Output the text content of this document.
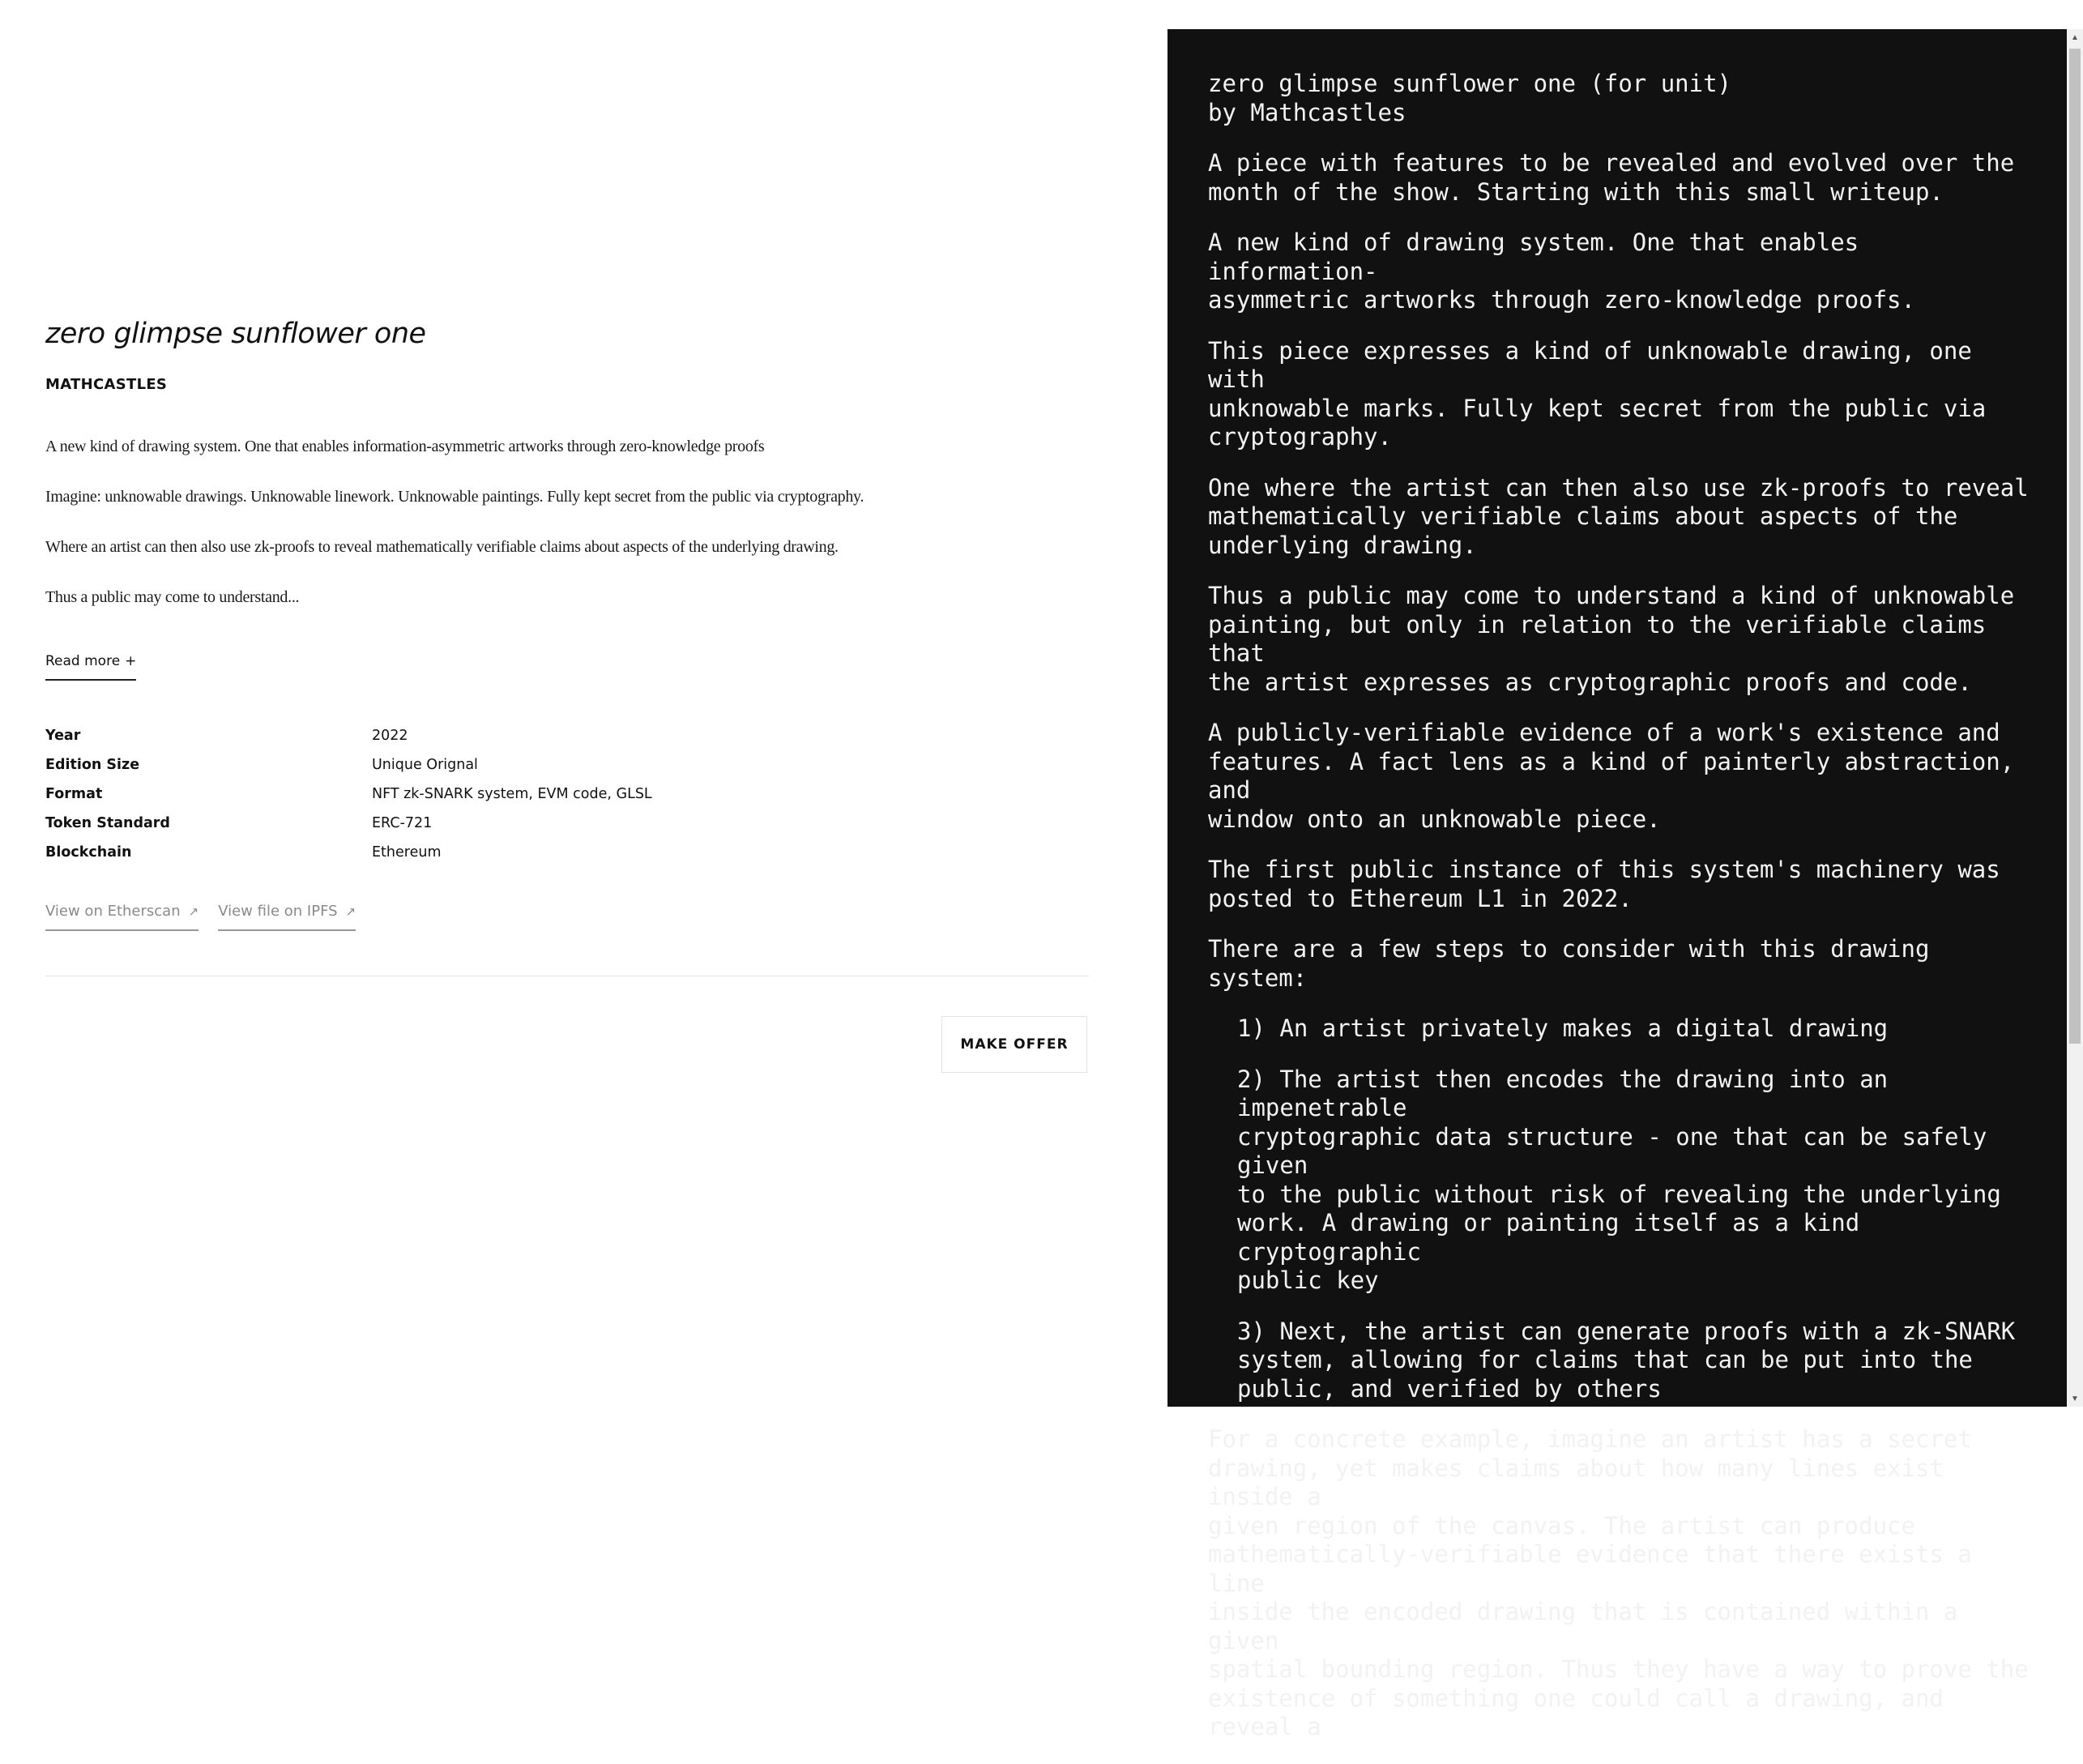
zero glimpse sunflower one
MATHCASTLES

A new kind of drawing system. One that enables information-asymmetric artworks through zero-knowledge proofs

Imagine: unknowable drawings. Unknowable linework. Unknowable paintings. Fully kept secret from the public via cryptography.

Where an artist can then also use zk-proofs to reveal mathematically verifiable claims about aspects of the underlying drawing.

Thus a public may come to understand...

Read more +
Year	2022
Edition Size	Unique Orignal
Format	NFT zk-SNARK system, EVM code, GLSL
Token Standard	ERC-721
Blockchain	Ethereum
View on Etherscan ↗ View file on IPFS ↗
MAKE OFFER

zero glimpse sunflower one (for unit)
by Mathcastles

A piece with features to be revealed and evolved over the
month of the show. Starting with this small writeup.

A new kind of drawing system. One that enables information-
asymmetric artworks through zero-knowledge proofs.

This piece expresses a kind of unknowable drawing, one with
unknowable marks. Fully kept secret from the public via
cryptography.

One where the artist can then also use zk-proofs to reveal
mathematically verifiable claims about aspects of the
underlying drawing.

Thus a public may come to understand a kind of unknowable
painting, but only in relation to the verifiable claims that
the artist expresses as cryptographic proofs and code.

A publicly-verifiable evidence of a work's existence and
features. A fact lens as a kind of painterly abstraction, and
window onto an unknowable piece.

The first public instance of this system's machinery was
posted to Ethereum L1 in 2022.

There are a few steps to consider with this drawing system:

1) An artist privately makes a digital drawing

2) The artist then encodes the drawing into an impenetrable
cryptographic data structure - one that can be safely given
to the public without risk of revealing the underlying
work. A drawing or painting itself as a kind cryptographic
public key

3) Next, the artist can generate proofs with a zk-SNARK
system, allowing for claims that can be put into the
public, and verified by others

For a concrete example, imagine an artist has a secret
drawing, yet makes claims about how many lines exist inside a
given region of the canvas. The artist can produce
mathematically-verifiable evidence that there exists a line
inside the encoded drawing that is contained within a given
spatial bounding region. Thus they have a way to prove the
existence of something one could call a drawing, and reveal a

▲
▼
